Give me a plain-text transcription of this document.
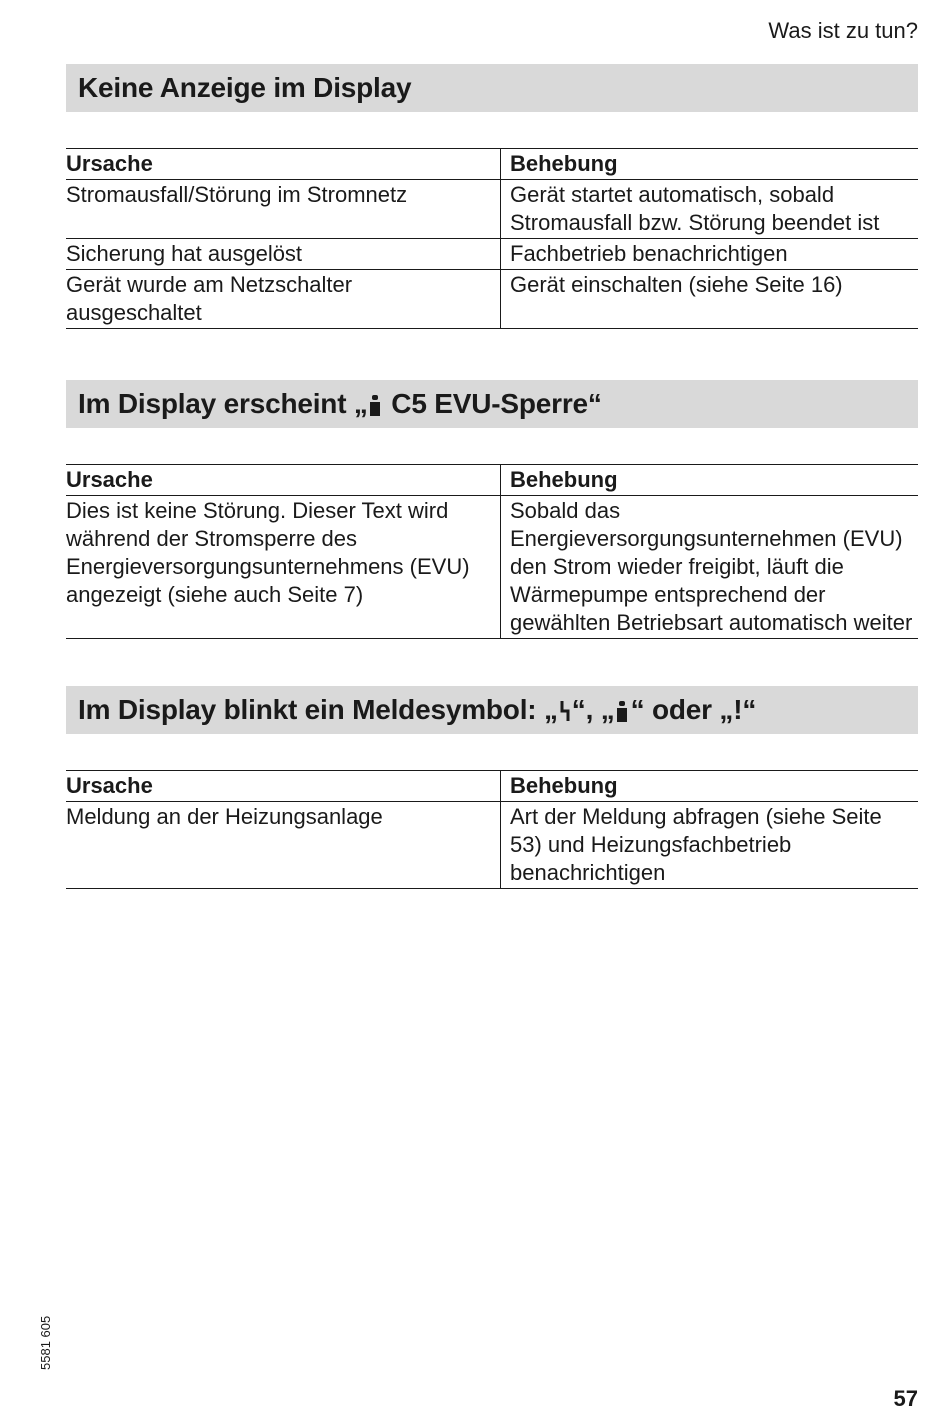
Was ist zu tun?
Keine Anzeige im Display
Ursache	Behebung
Stromausfall/Störung im Stromnetz	Gerät startet automatisch, sobald Stromausfall bzw. Störung beendet ist
Sicherung hat ausgelöst	Fachbetrieb benachrichtigen
Gerät wurde am Netzschalter ausgeschaltet	Gerät einschalten (siehe Seite 16)
Im Display erscheint „ C5 EVU-Sperre“
Ursache	Behebung
Dies ist keine Störung. Dieser Text wird während der Stromsperre des Energieversorgungsunternehmens (EVU) angezeigt (siehe auch Seite 7)	Sobald das Energieversorgungsunternehmen (EVU) den Strom wieder freigibt, läuft die Wärmepumpe entsprechend der gewählten Betriebsart automatisch weiter
Im Display blinkt ein Meldesymbol: „ “, „ “ oder „!“
Ursache	Behebung
Meldung an der Heizungsanlage	Art der Meldung abfragen (siehe Seite 53) und Heizungsfachbetrieb benachrichtigen
5581 605
57
